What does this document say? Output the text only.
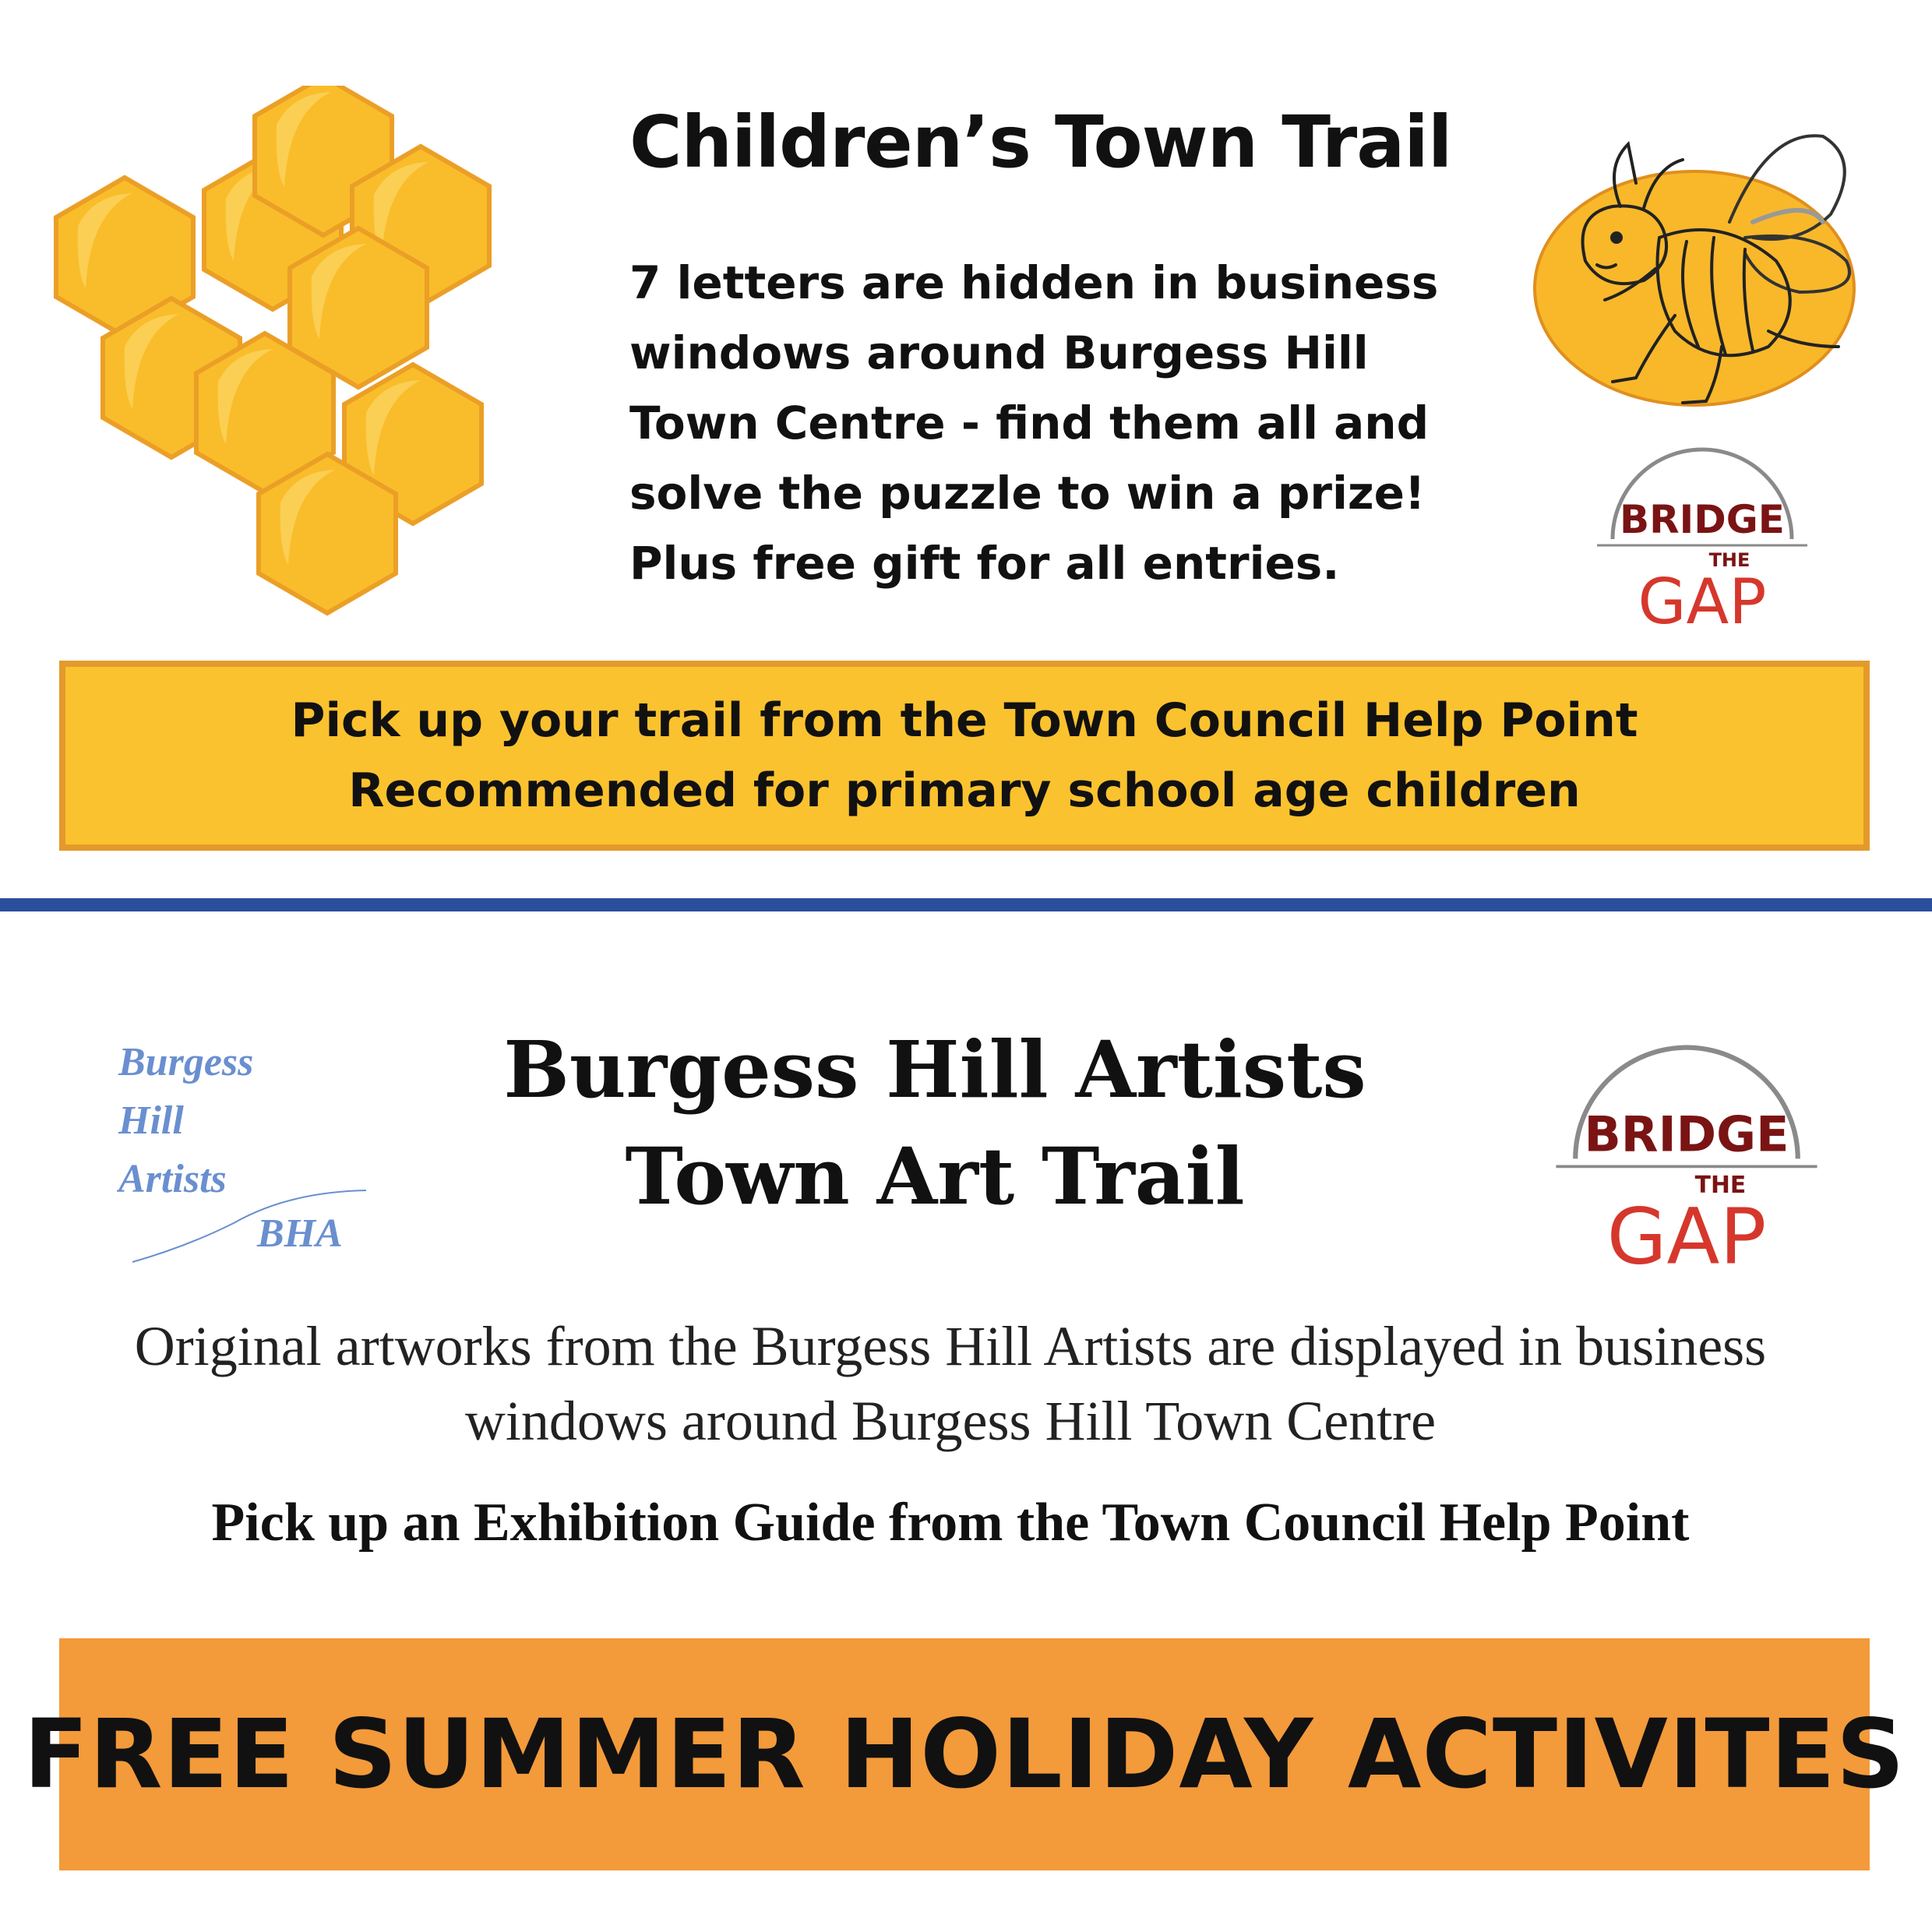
Children’s Town Trail
7 letters are hidden in business windows around Burgess Hill Town Centre - find them all and solve the puzzle to win a prize! Plus free gift for all entries.
BRIDGE
THE
GAP
Pick up your trail from the Town Council Help Point
Recommended for primary school age children
Burgess
Hill
Artists
BHA
Burgess Hill Artists
Town Art Trail	BRIDGE
THE
GAP
Original artworks from the Burgess Hill Artists are displayed in business windows around Burgess Hill Town Centre
Pick up an Exhibition Guide from the Town Council Help Point
FREE SUMMER HOLIDAY ACTIVITES
